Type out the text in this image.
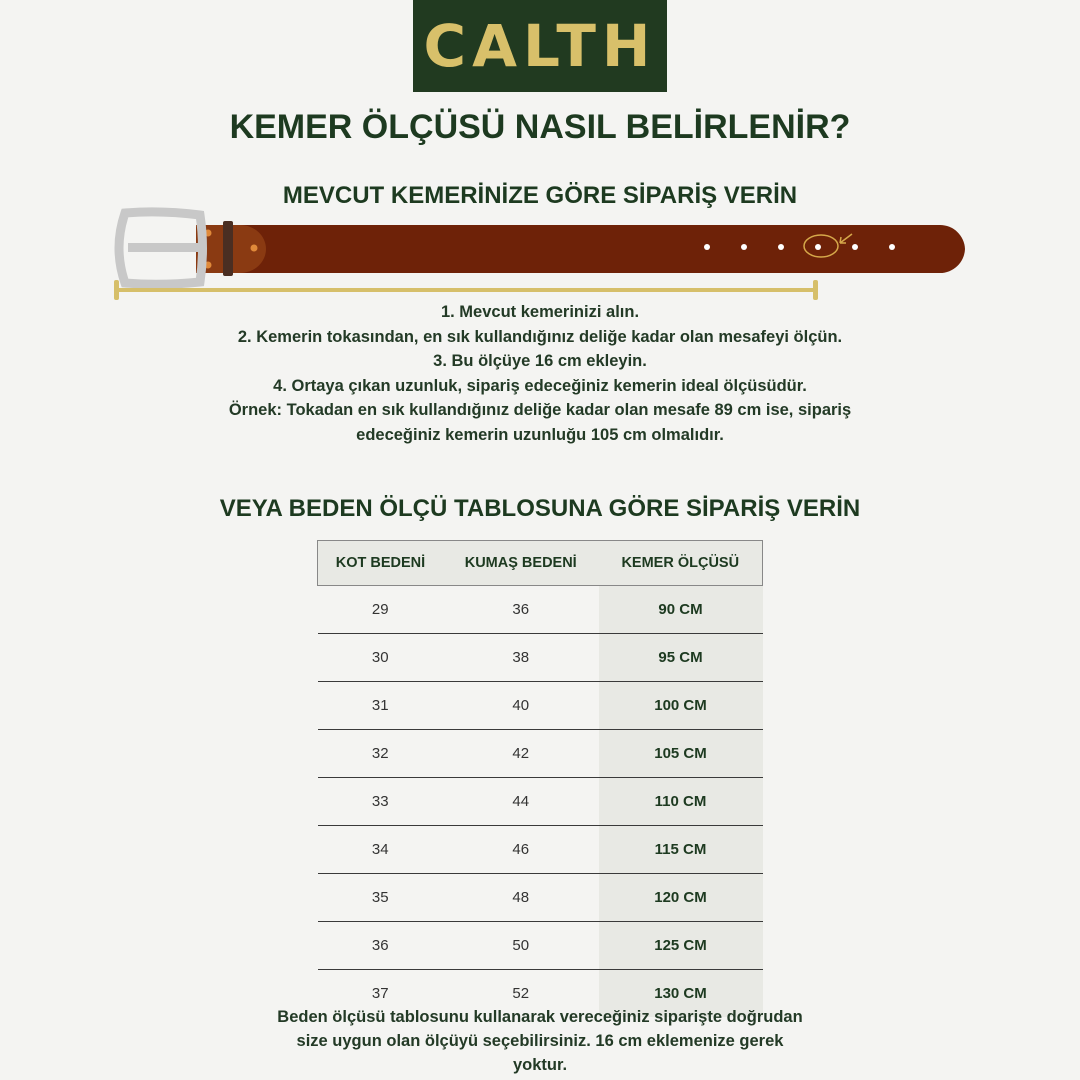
CALTH
KEMER ÖLÇÜSÜ NASIL BELİRLENİR?
MEVCUT KEMERİNİZE GÖRE SİPARİŞ VERİN
1. Mevcut kemerinizi alın.
2. Kemerin tokasından, en sık kullandığınız deliğe kadar olan mesafeyi ölçün.
3. Bu ölçüye 16 cm ekleyin.
4. Ortaya çıkan uzunluk, sipariş edeceğiniz kemerin ideal ölçüsüdür.
Örnek: Tokadan en sık kullandığınız deliğe kadar olan mesafe 89 cm ise, sipariş
edeceğiniz kemerin uzunluğu 105 cm olmalıdır.
VEYA BEDEN ÖLÇÜ TABLOSUNA GÖRE SİPARİŞ VERİN
KOT BEDENİ	KUMAŞ BEDENİ	KEMER ÖLÇÜSÜ
29	36	90 CM
30	38	95 CM
31	40	100 CM
32	42	105 CM
33	44	110 CM
34	46	115 CM
35	48	120 CM
36	50	125 CM
37	52	130 CM
Beden ölçüsü tablosunu kullanarak vereceğiniz siparişte doğrudan
size uygun olan ölçüyü seçebilirsiniz. 16 cm eklemenize gerek
yoktur.
